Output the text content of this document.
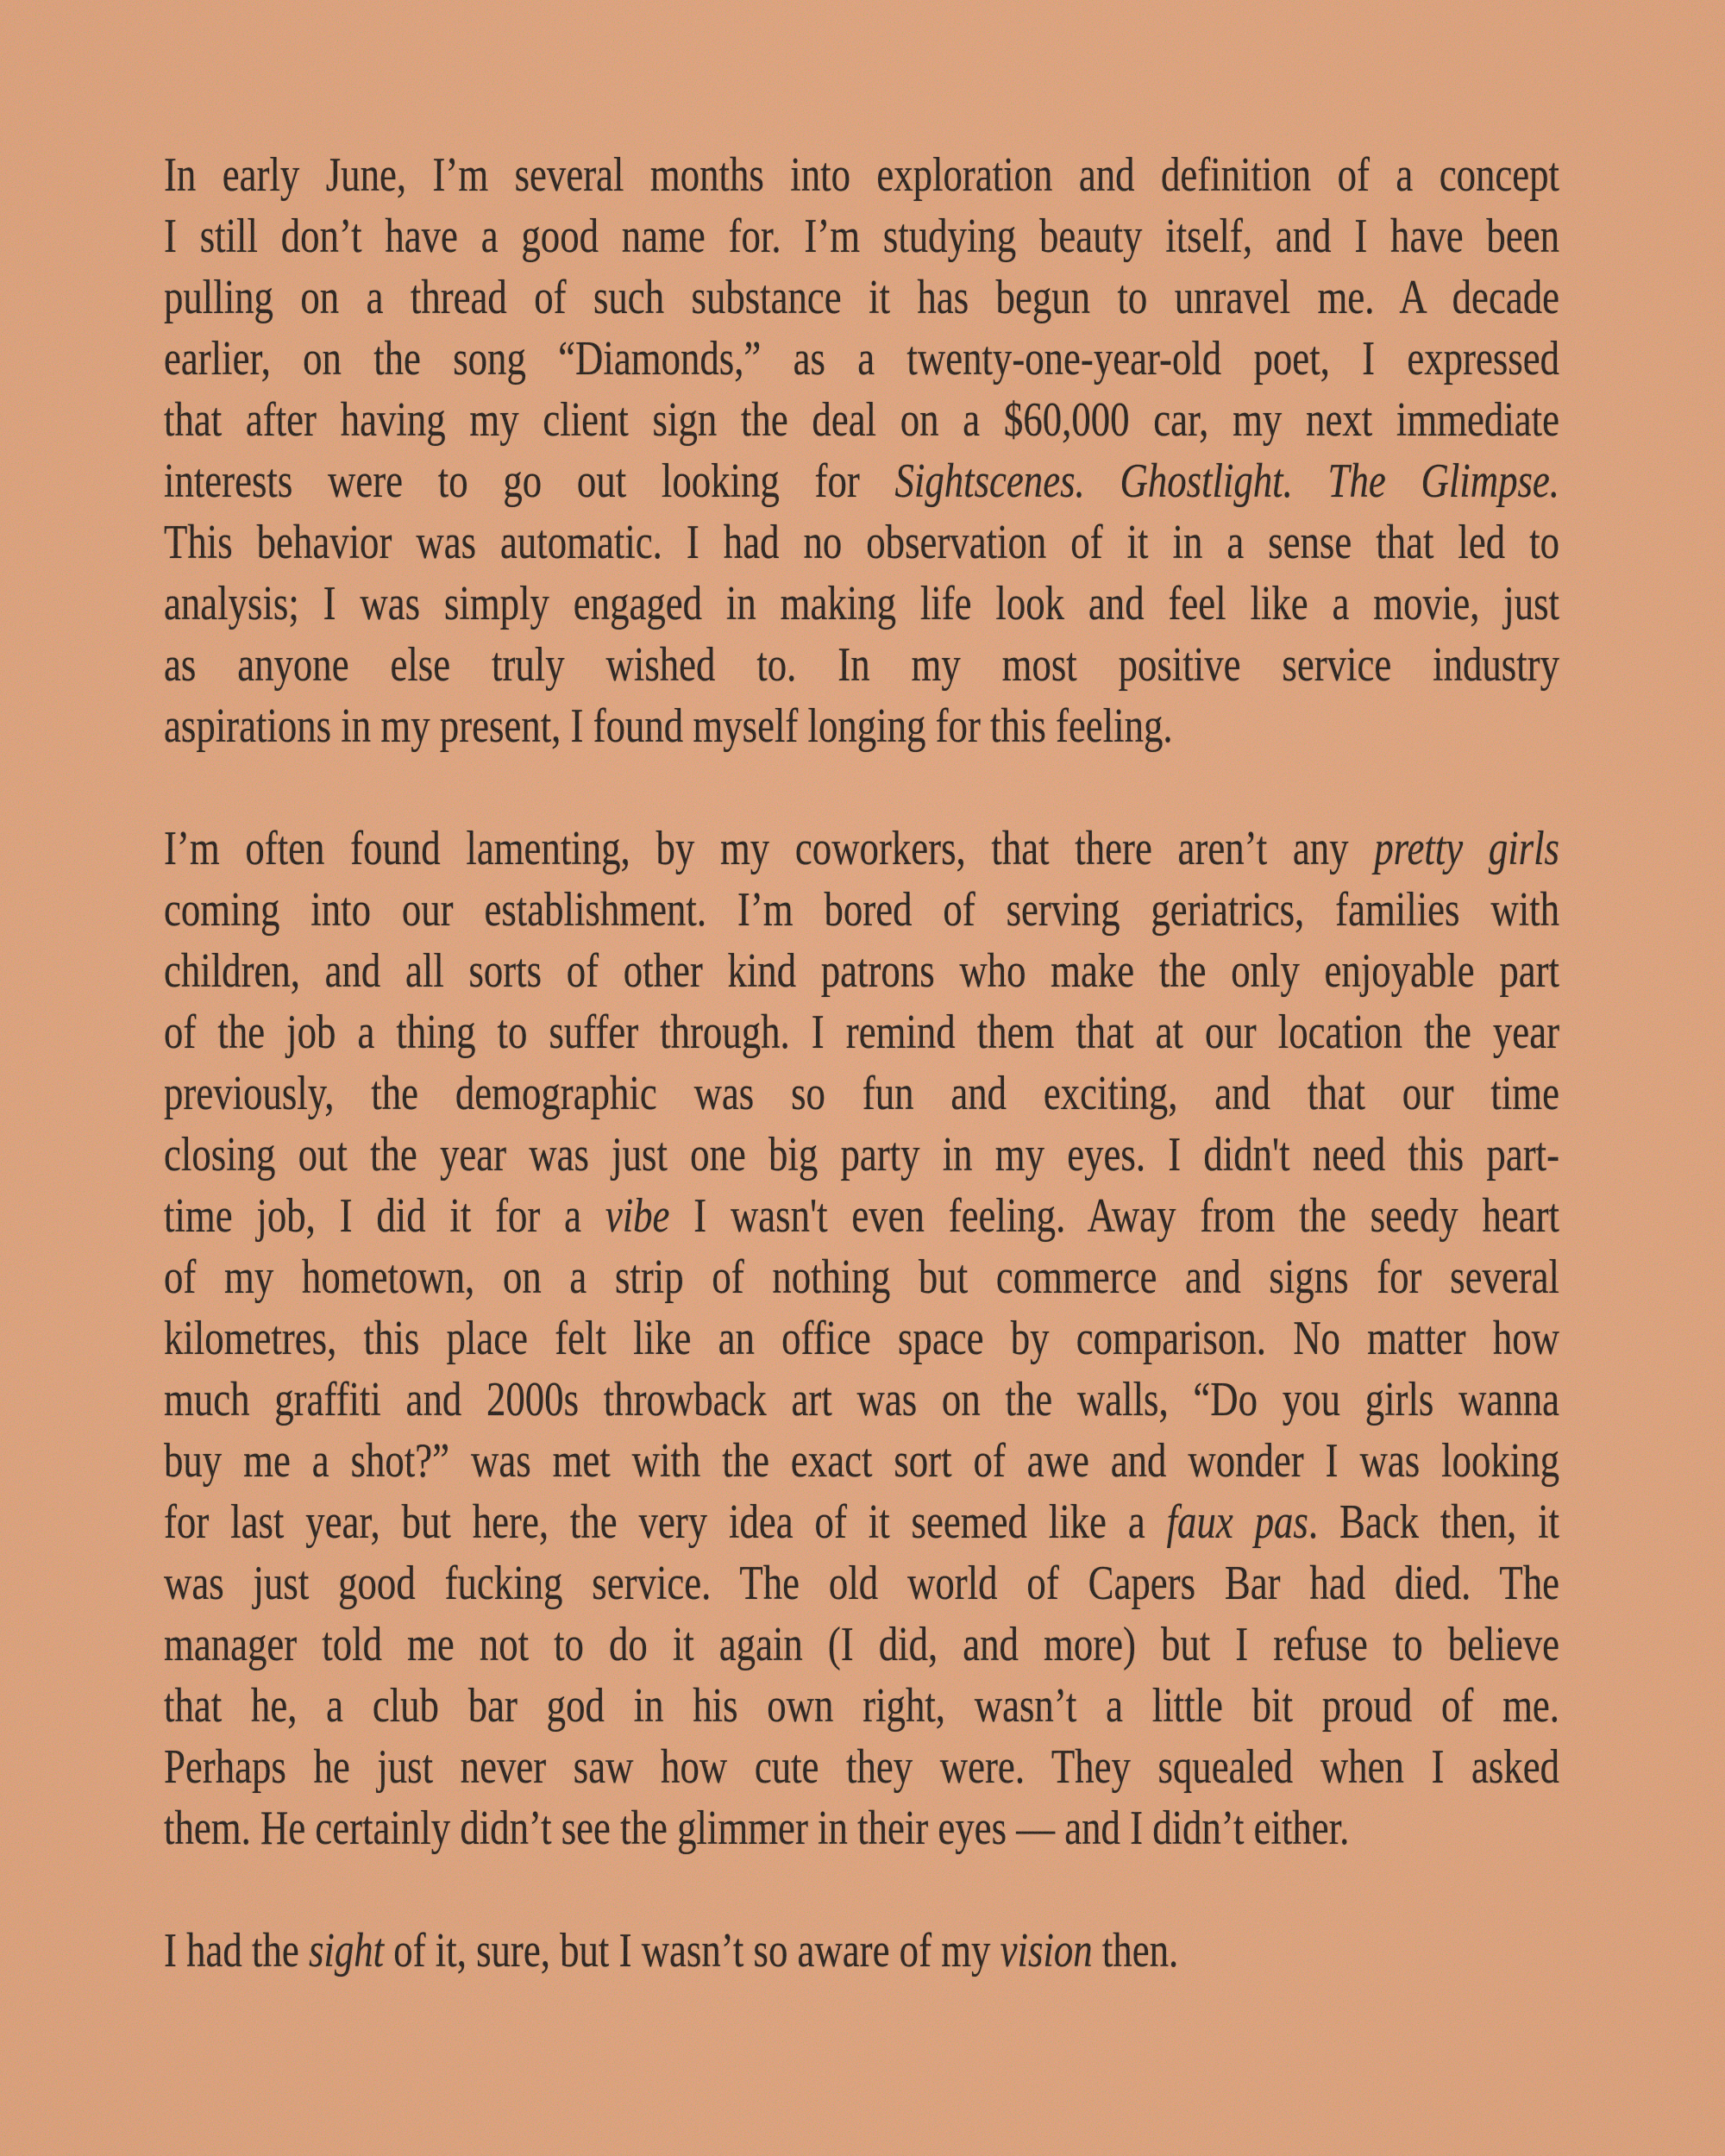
In early June, I’m several months into exploration and definition of a concept
I still don’t have a good name for. I’m studying beauty itself, and I have been
pulling on a thread of such substance it has begun to unravel me. A decade
earlier, on the song “Diamonds,” as a twenty-one-year-old poet, I expressed
that after having my client sign the deal on a $60,000 car, my next immediate
interests were to go out looking for Sightscenes. Ghostlight. The Glimpse.
This behavior was automatic. I had no observation of it in a sense that led to
analysis; I was simply engaged in making life look and feel like a movie, just
as anyone else truly wished to. In my most positive service industry
aspirations in my present, I found myself longing for this feeling.
I’m often found lamenting, by my coworkers, that there aren’t any pretty girls
coming into our establishment. I’m bored of serving geriatrics, families with
children, and all sorts of other kind patrons who make the only enjoyable part
of the job a thing to suffer through. I remind them that at our location the year
previously, the demographic was so fun and exciting, and that our time
closing out the year was just one big party in my eyes. I didn't need this part-
time job, I did it for a vibe I wasn't even feeling. Away from the seedy heart
of my hometown, on a strip of nothing but commerce and signs for several
kilometres, this place felt like an office space by comparison. No matter how
much graffiti and 2000s throwback art was on the walls, “Do you girls wanna
buy me a shot?” was met with the exact sort of awe and wonder I was looking
for last year, but here, the very idea of it seemed like a faux pas. Back then, it
was just good fucking service. The old world of Capers Bar had died. The
manager told me not to do it again (I did, and more) but I refuse to believe
that he, a club bar god in his own right, wasn’t a little bit proud of me.
Perhaps he just never saw how cute they were. They squealed when I asked
them. He certainly didn’t see the glimmer in their eyes — and I didn’t either.
I had the sight of it, sure, but I wasn’t so aware of my vision then.
